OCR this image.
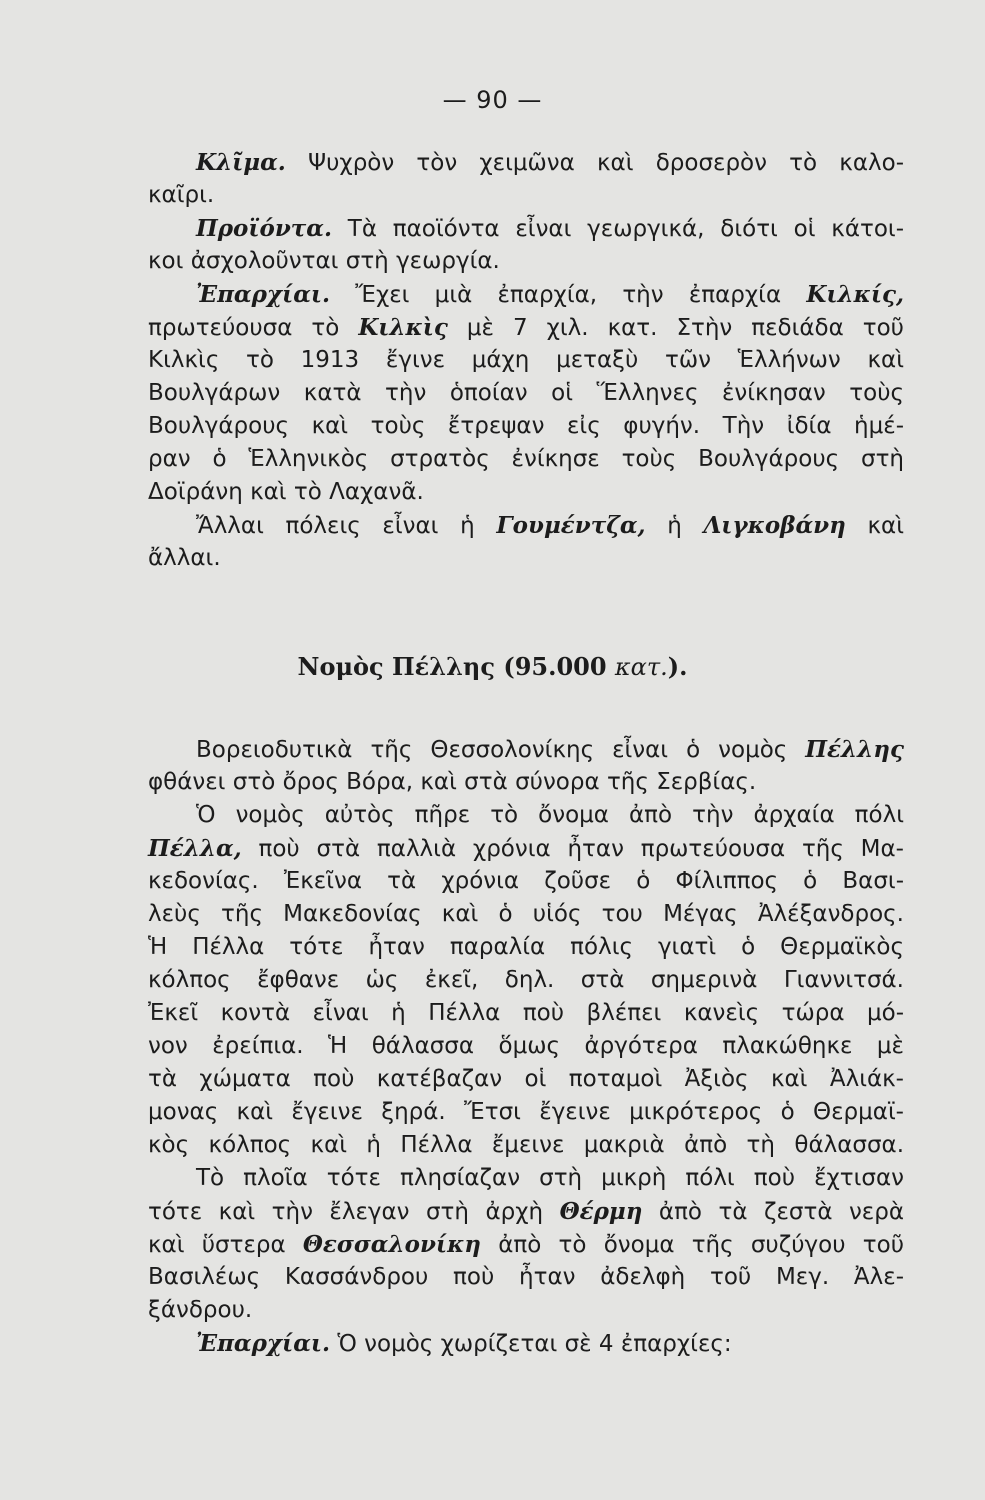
— 90 —
Κλῖμα. Ψυχρὸν τὸν χειμῶνα καὶ δροσερὸν τὸ καλο-
καῖρι.
Προϊόντα. Τὰ παοϊόντα εἶναι γεωργικά, διότι οἱ κάτοι-
κοι ἀσχολοῦνται στὴ γεωργία.
Ἐπαρχίαι. Ἔχει μιὰ ἐπαρχία, τὴν ἐπαρχία Κιλκίς,
πρωτεύουσα τὸ Κιλκὶς μὲ 7 χιλ. κατ. Στὴν πεδιάδα τοῦ
Κιλκὶς τὸ 1913 ἔγινε μάχη μεταξὺ τῶν Ἑλλήνων καὶ
Βουλγάρων κατὰ τὴν ὁποίαν οἱ Ἕλληνες ἐνίκησαν τοὺς
Βουλγάρους καὶ τοὺς ἔτρεψαν εἰς φυγήν. Τὴν ἰδία ἡμέ-
ραν ὁ Ἑλληνικὸς στρατὸς ἐνίκησε τοὺς Βουλγάρους στὴ
Δοϊράνη καὶ τὸ Λαχανᾶ.
Ἄλλαι πόλεις εἶναι ἡ Γουμέντζα, ἡ Λιγκοβάνη καὶ
ἄλλαι.
Νομὸς Πέλλης (95.000 κατ.).
Βορειοδυτικὰ τῆς Θεσσολονίκης εἶναι ὁ νομὸς Πέλλης
φθάνει στὸ ὄρος Βόρα, καὶ στὰ σύνορα τῆς Σερβίας.
Ὁ νομὸς αὐτὸς πῆρε τὸ ὄνομα ἀπὸ τὴν ἀρχαία πόλι
Πέλλα, ποὺ στὰ παλλιὰ χρόνια ἦταν πρωτεύουσα τῆς Μα-
κεδονίας. Ἐκεῖνα τὰ χρόνια ζοῦσε ὁ Φίλιππος ὁ Βασι-
λεὺς τῆς Μακεδονίας καὶ ὁ υἱός του Μέγας Ἀλέξανδρος.
Ἡ Πέλλα τότε ἦταν παραλία πόλις γιατὶ ὁ Θερμαϊκὸς
κόλπος ἔφθανε ὡς ἐκεῖ, δηλ. στὰ σημερινὰ Γιαννιτσά.
Ἐκεῖ κοντὰ εἶναι ἡ Πέλλα ποὺ βλέπει κανεὶς τώρα μό-
νον ἐρείπια. Ἡ θάλασσα ὅμως ἀργότερα πλακώθηκε μὲ
τὰ χώματα ποὺ κατέβαζαν οἱ ποταμοὶ Ἀξιὸς καὶ Ἀλιάκ-
μονας καὶ ἔγεινε ξηρά. Ἔτσι ἔγεινε μικρότερος ὁ Θερμαϊ-
κὸς κόλπος καὶ ἡ Πέλλα ἔμεινε μακριὰ ἀπὸ τὴ θάλασσα.
Τὸ πλοῖα τότε πλησίαζαν στὴ μικρὴ πόλι ποὺ ἔχτισαν
τότε καὶ τὴν ἔλεγαν στὴ ἀρχὴ Θέρμη ἀπὸ τὰ ζεστὰ νερὰ
καὶ ὕστερα Θεσσαλονίκη ἀπὸ τὸ ὄνομα τῆς συζύγου τοῦ
Βασιλέως Κασσάνδρου ποὺ ἦταν ἀδελφὴ τοῦ Μεγ. Ἀλε-
ξάνδρου.
Ἐπαρχίαι. Ὁ νομὸς χωρίζεται σὲ 4 ἐπαρχίες:
